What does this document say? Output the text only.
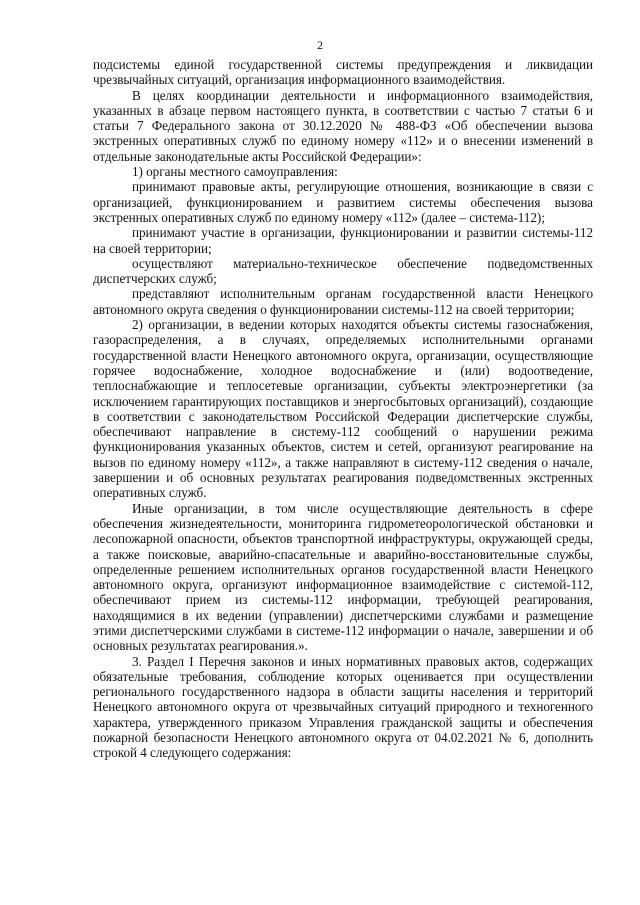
2

подсистемы единой государственной системы предупреждения и ликвидации чрезвычайных ситуаций, организация информационного взаимодействия.

В целях координации деятельности и информационного взаимодействия, указанных в абзаце первом настоящего пункта, в соответствии с частью 7 статьи 6 и статьи 7 Федерального закона от 30.12.2020 № 488-ФЗ «Об обеспечении вызова экстренных оперативных служб по единому номеру «112» и о внесении изменений в отдельные законодательные акты Российской Федерации»:

1) органы местного самоуправления:

принимают правовые акты, регулирующие отношения, возникающие в связи с организацией, функционированием и развитием системы обеспечения вызова экстренных оперативных служб по единому номеру «112» (далее – система-112);

принимают участие в организации, функционировании и развитии системы-112 на своей территории;

осуществляют материально-техническое обеспечение подведомственных диспетчерских служб;

представляют исполнительным органам государственной власти Ненецкого автономного округа сведения о функционировании системы-112 на своей территории;

2) организации, в ведении которых находятся объекты системы газоснабжения, газораспределения, а в случаях, определяемых исполнительными органами государственной власти Ненецкого автономного округа, организации, осуществляющие горячее водоснабжение, холодное водоснабжение и (или) водоотведение, теплоснабжающие и теплосетевые организации, субъекты электроэнергетики (за исключением гарантирующих поставщиков и энергосбытовых организаций), создающие в соответствии с законодательством Российской Федерации диспетчерские службы, обеспечивают направление в систему-112 сообщений о нарушении режима функционирования указанных объектов, систем и сетей, организуют реагирование на вызов по единому номеру «112», а также направляют в систему-112 сведения о начале, завершении и об основных результатах реагирования подведомственных экстренных оперативных служб.

Иные организации, в том числе осуществляющие деятельность в сфере обеспечения жизнедеятельности, мониторинга гидрометеорологической обстановки и лесопожарной опасности, объектов транспортной инфраструктуры, окружающей среды, а также поисковые, аварийно-спасательные и аварийно-восстановительные службы, определенные решением исполнительных органов государственной власти Ненецкого автономного округа, организуют информационное взаимодействие с системой-112, обеспечивают прием из системы-112 информации, требующей реагирования, находящимися в их ведении (управлении) диспетчерскими службами и размещение этими диспетчерскими службами в системе-112 информации о начале, завершении и об основных результатах реагирования.».

3. Раздел I Перечня законов и иных нормативных правовых актов, содержащих обязательные требования, соблюдение которых оценивается при осуществлении регионального государственного надзора в области защиты населения и территорий Ненецкого автономного округа от чрезвычайных ситуаций природного и техногенного характера, утвержденного приказом Управления гражданской защиты и обеспечения пожарной безопасности Ненецкого автономного округа от 04.02.2021 № 6, дополнить строкой 4 следующего содержания:
